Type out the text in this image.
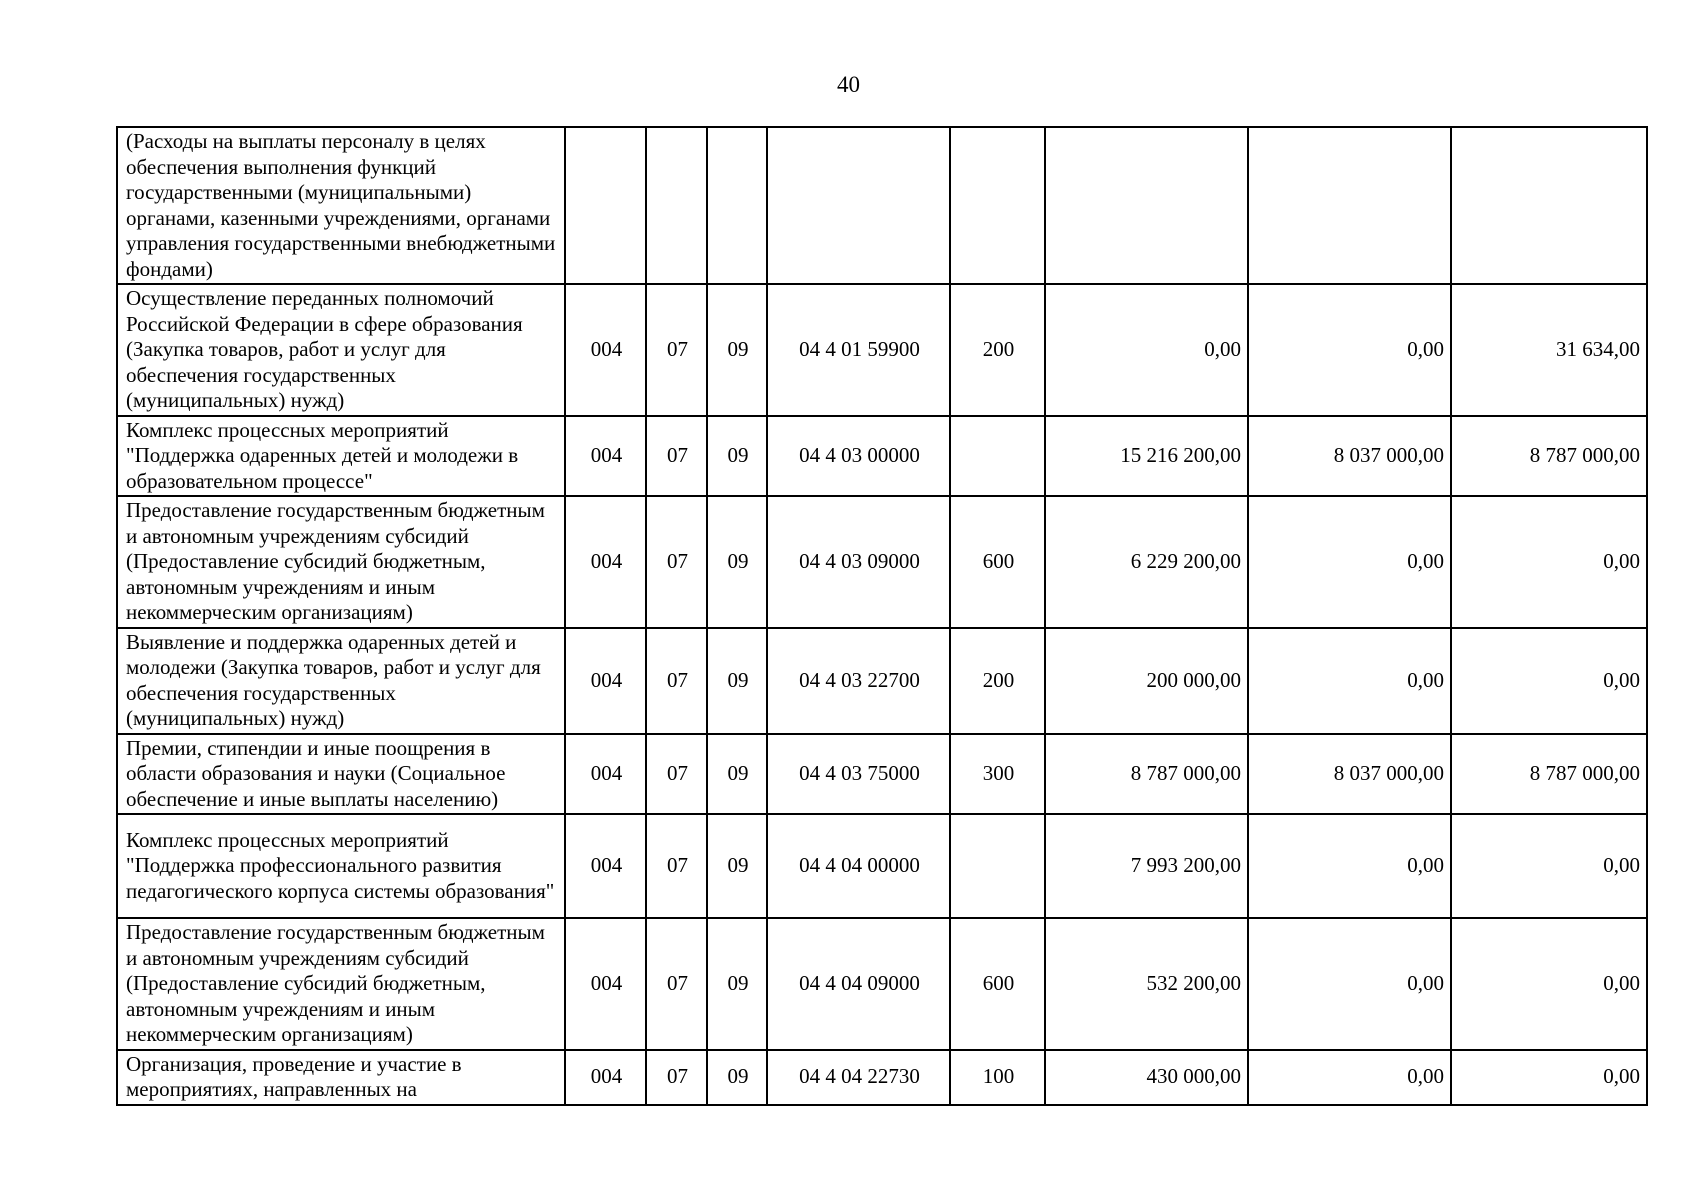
40
(Расходы на выплаты персоналу в целях обеспечения выполнения функций государственными (муниципальными) органами, казенными учреждениями, органами управления государственными внебюджетными фондами)								
Осуществление переданных полномочий Российской Федерации в сфере образования (Закупка товаров, работ и услуг для обеспечения государственных (муниципальных) нужд)	004	07	09	04 4 01 59900	200	0,00	0,00	31 634,00
Комплекс процессных мероприятий "Поддержка одаренных детей и молодежи в образовательном процессе"	004	07	09	04 4 03 00000		15 216 200,00	8 037 000,00	8 787 000,00
Предоставление государственным бюджетным и автономным учреждениям субсидий (Предоставление субсидий бюджетным, автономным учреждениям и иным некоммерческим организациям)	004	07	09	04 4 03 09000	600	6 229 200,00	0,00	0,00
Выявление и поддержка одаренных детей и молодежи (Закупка товаров, работ и услуг для обеспечения государственных (муниципальных) нужд)	004	07	09	04 4 03 22700	200	200 000,00	0,00	0,00
Премии, стипендии и иные поощрения в области образования и науки (Социальное обеспечение и иные выплаты населению)	004	07	09	04 4 03 75000	300	8 787 000,00	8 037 000,00	8 787 000,00
Комплекс процессных мероприятий "Поддержка профессионального развития педагогического корпуса системы образования"	004	07	09	04 4 04 00000		7 993 200,00	0,00	0,00
Предоставление государственным бюджетным и автономным учреждениям субсидий (Предоставление субсидий бюджетным, автономным учреждениям и иным некоммерческим организациям)	004	07	09	04 4 04 09000	600	532 200,00	0,00	0,00
Организация, проведение и участие в мероприятиях, направленных на	004	07	09	04 4 04 22730	100	430 000,00	0,00	0,00
